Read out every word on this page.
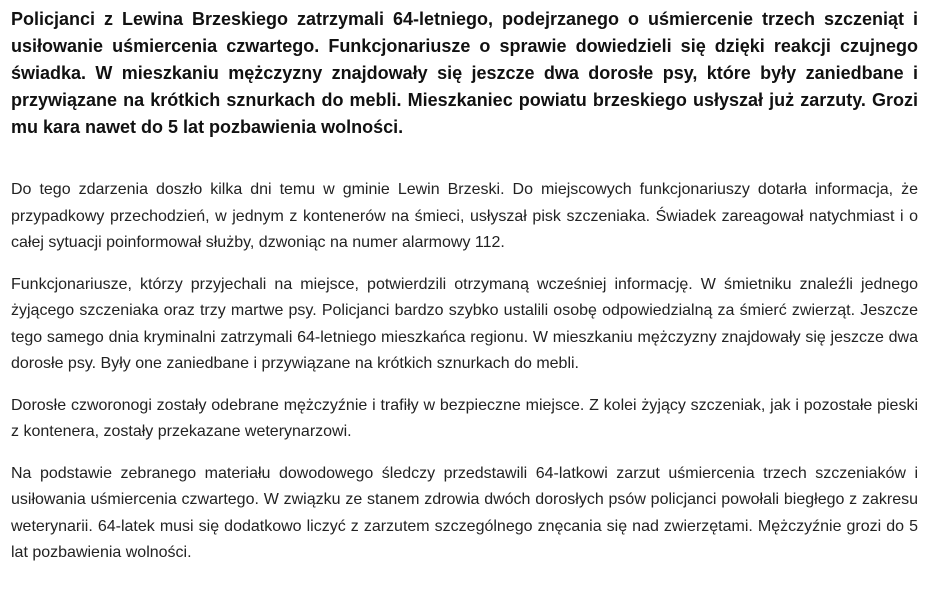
Policjanci z Lewina Brzeskiego zatrzymali 64-letniego, podejrzanego o uśmiercenie trzech szczeniąt i usiłowanie uśmiercenia czwartego. Funkcjonariusze o sprawie dowiedzieli się dzięki reakcji czujnego świadka. W mieszkaniu mężczyzny znajdowały się jeszcze dwa dorosłe psy, które były zaniedbane i przywiązane na krótkich sznurkach do mebli. Mieszkaniec powiatu brzeskiego usłyszał już zarzuty. Grozi mu kara nawet do 5 lat pozbawienia wolności.

Do tego zdarzenia doszło kilka dni temu w gminie Lewin Brzeski. Do miejscowych funkcjonariuszy dotarła informacja, że przypadkowy przechodzień, w jednym z kontenerów na śmieci, usłyszał pisk szczeniaka. Świadek zareagował natychmiast i o całej sytuacji poinformował służby, dzwoniąc na numer alarmowy 112.

Funkcjonariusze, którzy przyjechali na miejsce, potwierdzili otrzymaną wcześniej informację. W śmietniku znaleźli jednego żyjącego szczeniaka oraz trzy martwe psy. Policjanci bardzo szybko ustalili osobę odpowiedzialną za śmierć zwierząt. Jeszcze tego samego dnia kryminalni zatrzymali 64-letniego mieszkańca regionu. W mieszkaniu mężczyzny znajdowały się jeszcze dwa dorosłe psy. Były one zaniedbane i przywiązane na krótkich sznurkach do mebli.

Dorosłe czworonogi zostały odebrane mężczyźnie i trafiły w bezpieczne miejsce. Z kolei żyjący szczeniak, jak i pozostałe pieski z kontenera, zostały przekazane weterynarzowi.

Na podstawie zebranego materiału dowodowego śledczy przedstawili 64-latkowi zarzut uśmiercenia trzech szczeniaków i usiłowania uśmiercenia czwartego. W związku ze stanem zdrowia dwóch dorosłych psów policjanci powołali biegłego z zakresu weterynarii. 64-latek musi się dodatkowo liczyć z zarzutem szczególnego znęcania się nad zwierzętami. Mężczyźnie grozi do 5 lat pozbawienia wolności.
